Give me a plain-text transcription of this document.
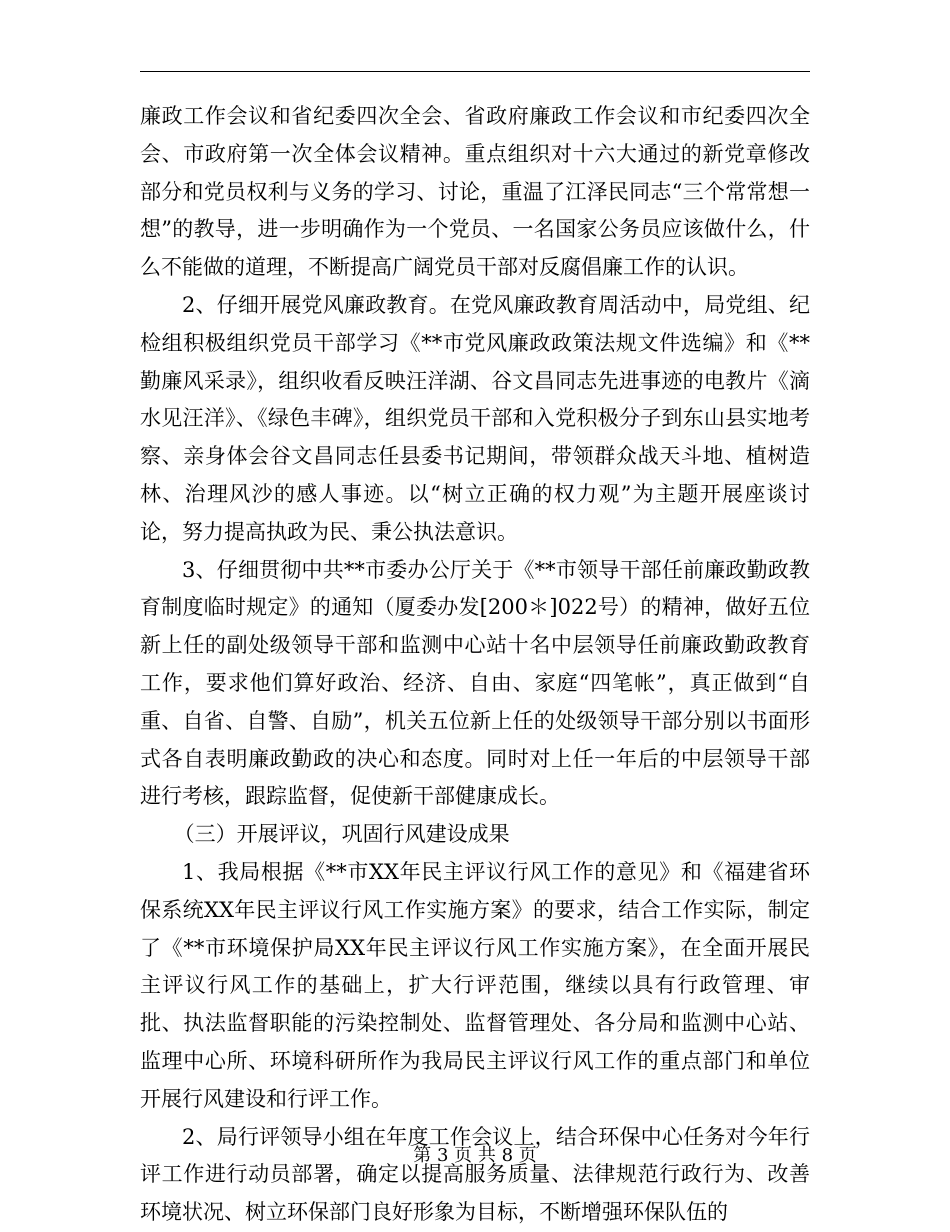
廉政工作会议和省纪委四次全会、省政府廉政工作会议和市纪委四次全会、市政府第一次全体会议精神。重点组织对十六大通过的新党章修改部分和党员权利与义务的学习、讨论，重温了江泽民同志“三个常常想一想”的教导，进一步明确作为一个党员、一名国家公务员应该做什么，什么不能做的道理，不断提高广阔党员干部对反腐倡廉工作的认识。

2、仔细开展党风廉政教育。在党风廉政教育周活动中，局党组、纪检组积极组织党员干部学习《**市党风廉政政策法规文件选编》和《**勤廉风采录》，组织收看反映汪洋湖、谷文昌同志先进事迹的电教片《滴水见汪洋》、《绿色丰碑》，组织党员干部和入党积极分子到东山县实地考察、亲身体会谷文昌同志任县委书记期间，带领群众战天斗地、植树造林、治理风沙的感人事迹。以“树立正确的权力观”为主题开展座谈讨论，努力提高执政为民、秉公执法意识。

3、仔细贯彻中共**市委办公厅关于《**市领导干部任前廉政勤政教育制度临时规定》的通知（厦委办发[200＊]022号）的精神，做好五位新上任的副处级领导干部和监测中心站十名中层领导任前廉政勤政教育工作，要求他们算好政治、经济、自由、家庭“四笔帐”，真正做到“自重、自省、自警、自励”，机关五位新上任的处级领导干部分别以书面形式各自表明廉政勤政的决心和态度。同时对上任一年后的中层领导干部进行考核，跟踪监督，促使新干部健康成长。

（三）开展评议，巩固行风建设成果

1、我局根据《**市XX年民主评议行风工作的意见》和《福建省环保系统XX年民主评议行风工作实施方案》的要求，结合工作实际，制定了《**市环境保护局XX年民主评议行风工作实施方案》，在全面开展民主评议行风工作的基础上，扩大行评范围，继续以具有行政管理、审批、执法监督职能的污染控制处、监督管理处、各分局和监测中心站、监理中心所、环境科研所作为我局民主评议行风工作的重点部门和单位开展行风建设和行评工作。

2、局行评领导小组在年度工作会议上，结合环保中心任务对今年行评工作进行动员部署，确定以提高服务质量、法律规范行政行为、改善环境状况、树立环保部门良好形象为目标，不断增强环保队伍的

第 3 页 共 8 页
